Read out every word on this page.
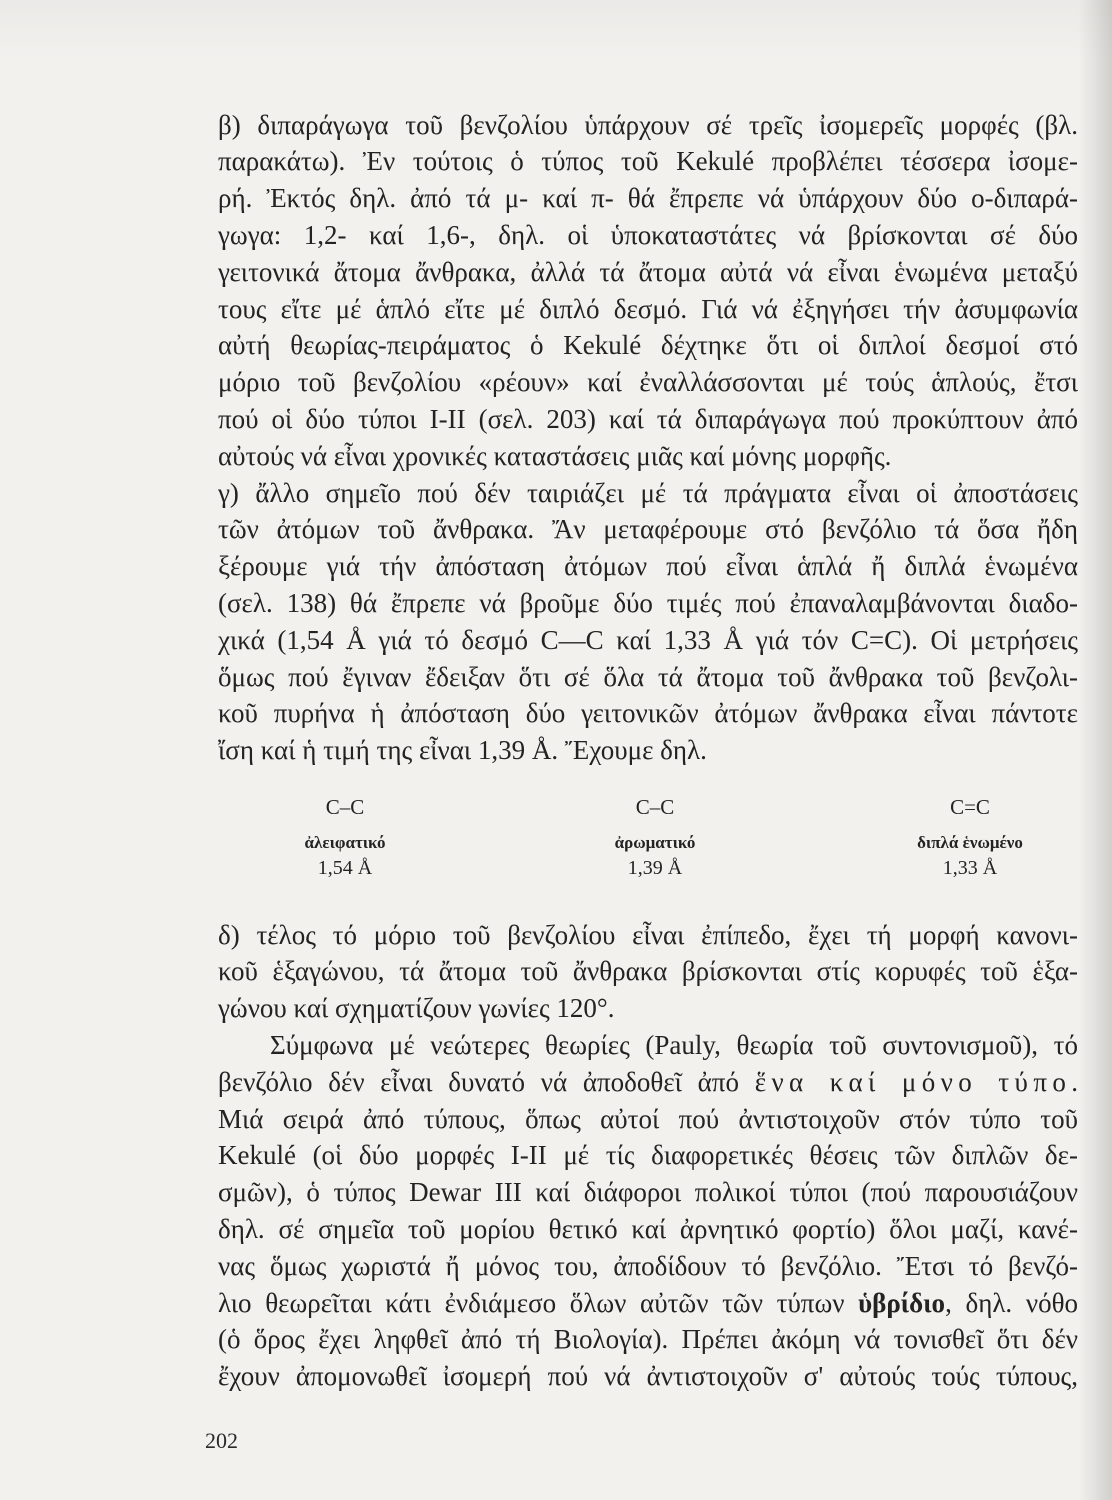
β) διπαράγωγα τοῦ βενζολίου ὑπάρχουν σέ τρεῖς ἰσομερεῖς μορφές (βλ.
παρακάτω). Ἐν τούτοις ὁ τύπος τοῦ Kekulé προβλέπει τέσσερα ἰσομε-
ρή. Ἐκτός δηλ. ἀπό τά μ- καί π- θά ἔπρεπε νά ὑπάρχουν δύο ο-διπαρά-
γωγα: 1,2- καί 1,6-, δηλ. οἱ ὑποκαταστάτες νά βρίσκονται σέ δύο
γειτονικά ἄτομα ἄνθρακα, ἀλλά τά ἄτομα αὐτά νά εἶναι ἑνωμένα μεταξύ
τους εἴτε μέ ἁπλό εἴτε μέ διπλό δεσμό. Γιά νά ἐξηγήσει τήν ἀσυμφωνία
αὐτή θεωρίας-πειράματος ὁ Kekulé δέχτηκε ὅτι οἱ διπλοί δεσμοί στό
μόριο τοῦ βενζολίου «ρέουν» καί ἐναλλάσσονται μέ τούς ἁπλούς, ἔτσι
πού οἱ δύο τύποι I-II (σελ. 203) καί τά διπαράγωγα πού προκύπτουν ἀπό
αὐτούς νά εἶναι χρονικές καταστάσεις μιᾶς καί μόνης μορφῆς.
γ) ἄλλο σημεῖο πού δέν ταιριάζει μέ τά πράγματα εἶναι οἱ ἀποστάσεις
τῶν ἀτόμων τοῦ ἄνθρακα. Ἄν μεταφέρουμε στό βενζόλιο τά ὅσα ἤδη
ξέρουμε γιά τήν ἀπόσταση ἀτόμων πού εἶναι ἁπλά ἤ διπλά ἑνωμένα
(σελ. 138) θά ἔπρεπε νά βροῦμε δύο τιμές πού ἐπαναλαμβάνονται διαδο-
χικά (1,54 Å γιά τό δεσμό C—C καί 1,33 Å γιά τόν C=C). Οἱ μετρήσεις
ὅμως πού ἔγιναν ἔδειξαν ὅτι σέ ὅλα τά ἄτομα τοῦ ἄνθρακα τοῦ βενζολι-
κοῦ πυρήνα ἡ ἀπόσταση δύο γειτονικῶν ἀτόμων ἄνθρακα εἶναι πάντοτε
ἴση καί ἡ τιμή της εἶναι 1,39 Å. Ἔχουμε δηλ.
C–C
ἀλειφατικό
1,54 Å
C–C
ἀρωματικό
1,39 Å
C=C
διπλά ἑνωμένο
1,33 Å
δ) τέλος τό μόριο τοῦ βενζολίου εἶναι ἐπίπεδο, ἔχει τή μορφή κανονι-
κοῦ ἑξαγώνου, τά ἄτομα τοῦ ἄνθρακα βρίσκονται στίς κορυφές τοῦ ἑξα-
γώνου καί σχηματίζουν γωνίες 120°.
Σύμφωνα μέ νεώτερες θεωρίες (Pauly, θεωρία τοῦ συντονισμοῦ), τό
βενζόλιο δέν εἶναι δυνατό νά ἀποδοθεῖ ἀπό ἕνα καί μόνο τύπο.
Μιά σειρά ἀπό τύπους, ὅπως αὐτοί πού ἀντιστοιχοῦν στόν τύπο τοῦ
Kekulé (οἱ δύο μορφές I-II μέ τίς διαφορετικές θέσεις τῶν διπλῶν δε-
σμῶν), ὁ τύπος Dewar III καί διάφοροι πολικοί τύποι (πού παρουσιάζουν
δηλ. σέ σημεῖα τοῦ μορίου θετικό καί ἀρνητικό φορτίο) ὅλοι μαζί, κανέ-
νας ὅμως χωριστά ἤ μόνος του, ἀποδίδουν τό βενζόλιο. Ἔτσι τό βενζό-
λιο θεωρεῖται κάτι ἐνδιάμεσο ὅλων αὐτῶν τῶν τύπων ὑβρίδιο, δηλ. νόθο
(ὁ ὅρος ἔχει ληφθεῖ ἀπό τή Βιολογία). Πρέπει ἀκόμη νά τονισθεῖ ὅτι δέν
ἔχουν ἀπομονωθεῖ ἰσομερή πού νά ἀντιστοιχοῦν σ' αὐτούς τούς τύπους,
202
